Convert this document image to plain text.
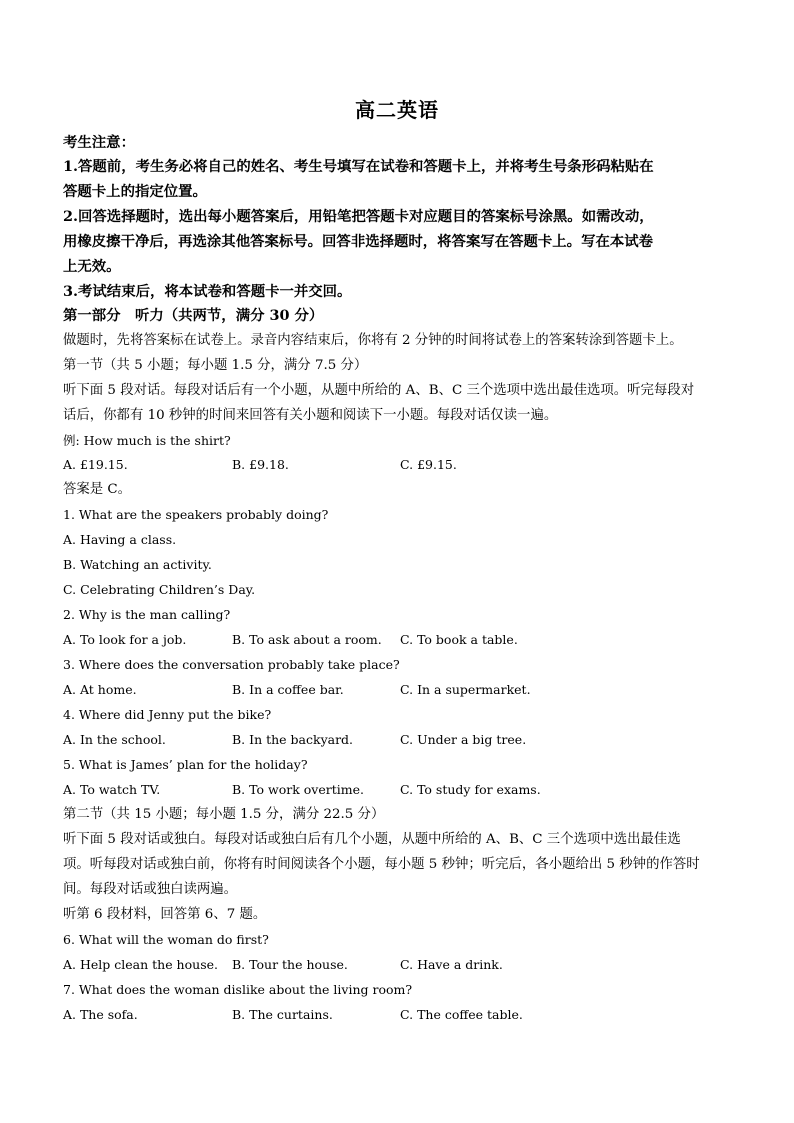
高二英语
考生注意：
1.答题前，考生务必将自己的姓名、考生号填写在试卷和答题卡上，并将考生号条形码粘贴在
答题卡上的指定位置。
2.回答选择题时，选出每小题答案后，用铅笔把答题卡对应题目的答案标号涂黑。如需改动，
用橡皮擦干净后，再选涂其他答案标号。回答非选择题时，将答案写在答题卡上。写在本试卷
上无效。
3.考试结束后，将本试卷和答题卡一并交回。
第一部分　听力（共两节，满分 30 分）
做题时，先将答案标在试卷上。录音内容结束后，你将有 2 分钟的时间将试卷上的答案转涂到答题卡上。
第一节（共 5 小题；每小题 1.5 分，满分 7.5 分）
听下面 5 段对话。每段对话后有一个小题，从题中所给的 A、B、C 三个选项中选出最佳选项。听完每段对
话后，你都有 10 秒钟的时间来回答有关小题和阅读下一小题。每段对话仅读一遍。
例: How much is the shirt?
A. £19.15.	B. £9.18.	C. £9.15.
答案是 C。
1. What are the speakers probably doing?
A. Having a class.
B. Watching an activity.
C. Celebrating Children’s Day.
2. Why is the man calling?
A. To look for a job.	B. To ask about a room. C. To book a table.
3. Where does the conversation probably take place?
A. At home.	B. In a coffee bar.	C. In a supermarket.
4. Where did Jenny put the bike?
A. In the school.	B. In the backyard.	C. Under a big tree.
5. What is James’ plan for the holiday?
A. To watch TV.	B. To work overtime.	C. To study for exams.
第二节（共 15 小题；每小题 1.5 分，满分 22.5 分）
听下面 5 段对话或独白。每段对话或独白后有几个小题，从题中所给的 A、B、C 三个选项中选出最佳选
项。听每段对话或独白前，你将有时间阅读各个小题，每小题 5 秒钟；听完后，各小题给出 5 秒钟的作答时
间。每段对话或独白读两遍。
听第 6 段材料，回答第 6、7 题。
6. What will the woman do first?
A. Help clean the house. B. Tour the house.	C. Have a drink.
7. What does the woman dislike about the living room?
A. The sofa.	B. The curtains.	C. The coffee table.
